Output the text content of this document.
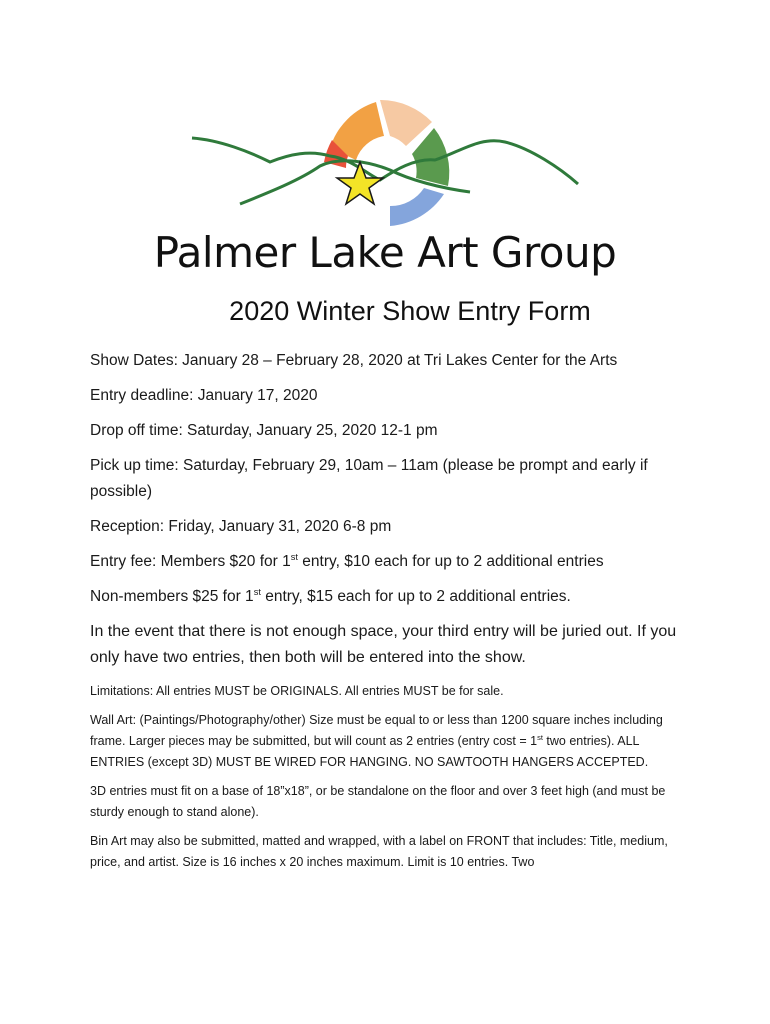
Palmer Lake Art Group
2020 Winter Show Entry Form

Show Dates: January 28 – February 28, 2020 at Tri Lakes Center for the Arts

Entry deadline: January 17, 2020

Drop off time: Saturday, January 25, 2020 12-1 pm

Pick up time: Saturday, February 29, 10am – 11am (please be prompt and early if possible)

Reception: Friday, January 31, 2020 6-8 pm

Entry fee: Members $20 for 1st entry, $10 each for up to 2 additional entries

Non-members $25 for 1st entry, $15 each for up to 2 additional entries.

In the event that there is not enough space, your third entry will be juried out. If you only have two entries, then both will be entered into the show.

Limitations: All entries MUST be ORIGINALS. All entries MUST be for sale.

Wall Art: (Paintings/Photography/other) Size must be equal to or less than 1200 square inches including frame. Larger pieces may be submitted, but will count as 2 entries (entry cost = 1st two entries). ALL ENTRIES (except 3D) MUST BE WIRED FOR HANGING. NO SAWTOOTH HANGERS ACCEPTED.

3D entries must fit on a base of 18”x18”, or be standalone on the floor and over 3 feet high (and must be sturdy enough to stand alone).

Bin Art may also be submitted, matted and wrapped, with a label on FRONT that includes: Title, medium, price, and artist. Size is 16 inches x 20 inches maximum. Limit is 10 entries. Two
